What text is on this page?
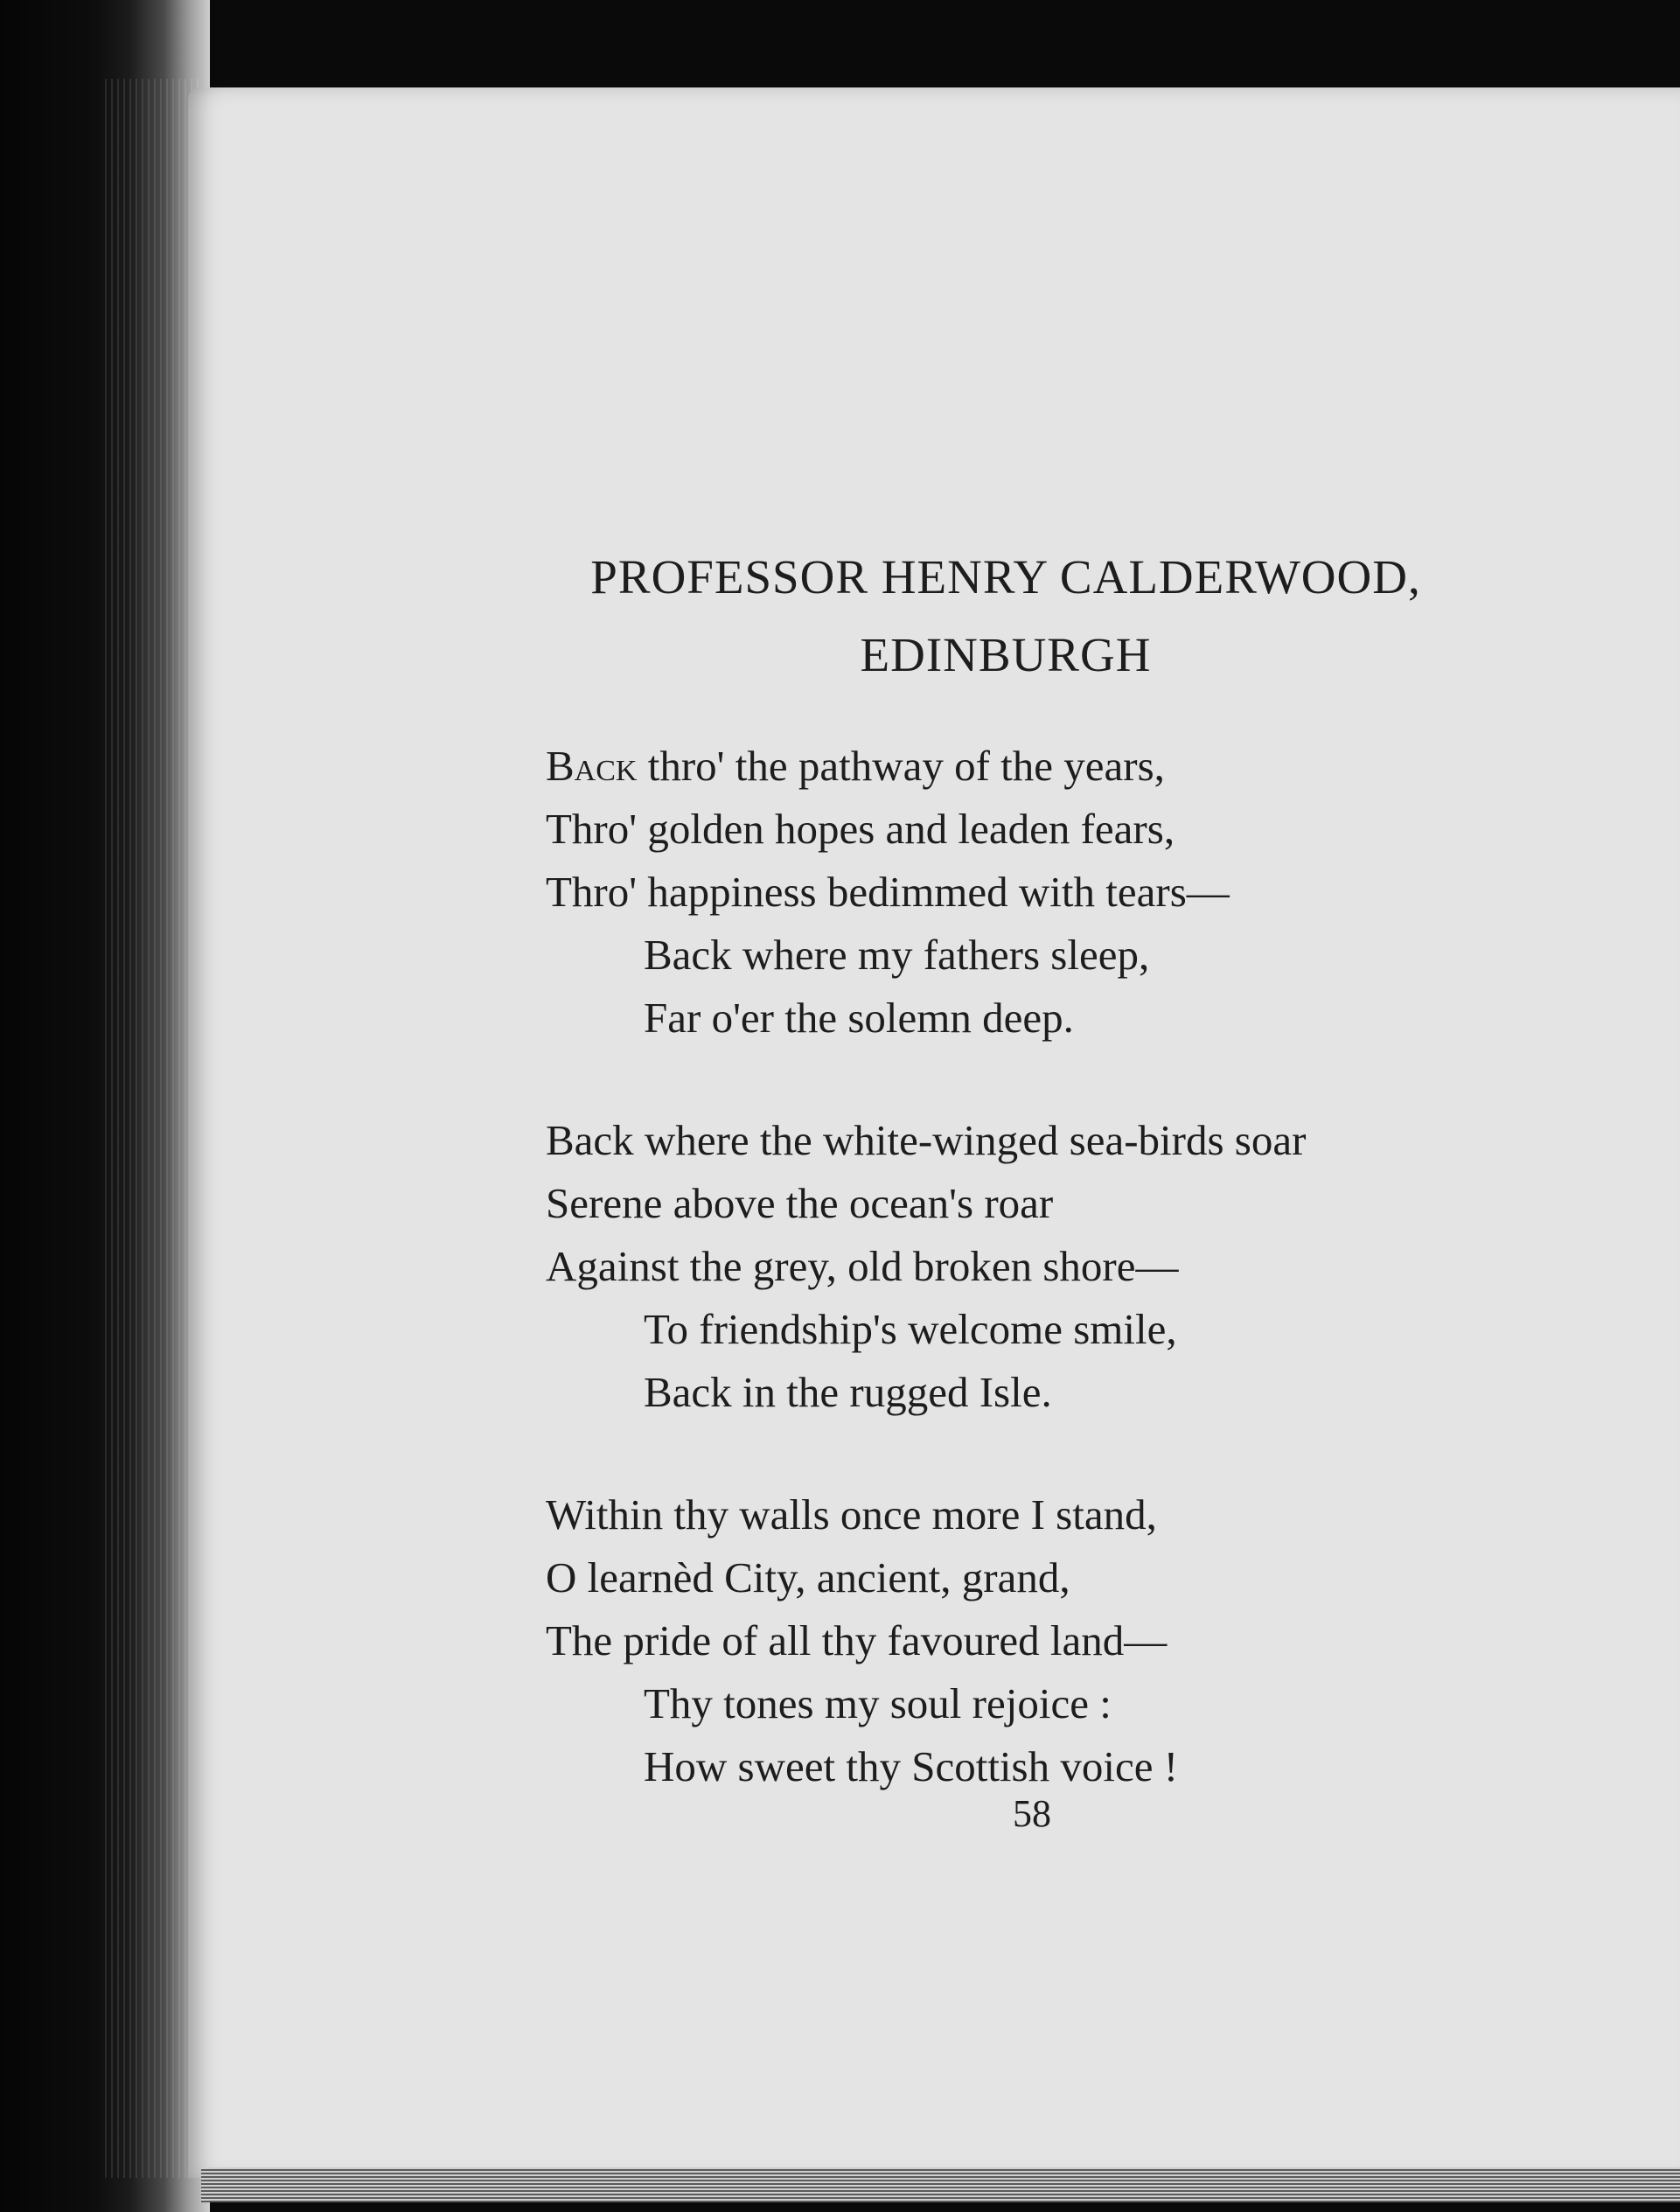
PROFESSOR HENRY CALDERWOOD,
EDINBURGH
Back thro' the pathway of the years,
Thro' golden hopes and leaden fears,
Thro' happiness bedimmed with tears—
Back where my fathers sleep,
Far o'er the solemn deep.
Back where the white-winged sea-birds soar
Serene above the ocean's roar
Against the grey, old broken shore—
To friendship's welcome smile,
Back in the rugged Isle.
Within thy walls once more I stand,
O learnèd City, ancient, grand,
The pride of all thy favoured land—
Thy tones my soul rejoice :
How sweet thy Scottish voice !
58
